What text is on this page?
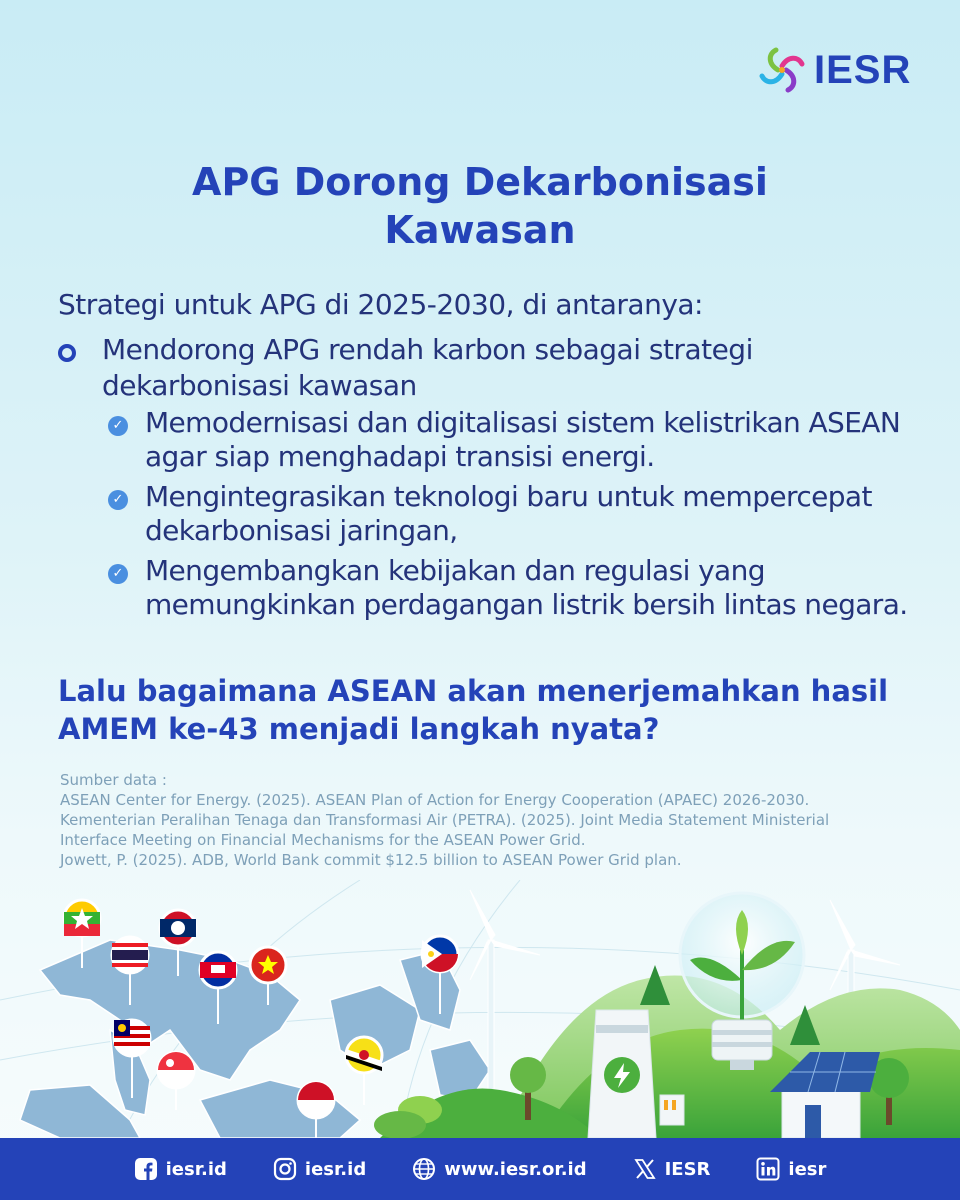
IESR
APG Dorong Dekarbonisasi
Kawasan
Strategi untuk APG di 2025-2030, di antaranya:
Mendorong APG rendah karbon sebagai strategi dekarbonisasi kawasan
✓ Memodernisasi dan digitalisasi sistem kelistrikan ASEAN agar siap menghadapi transisi energi.
✓ Mengintegrasikan teknologi baru untuk mempercepat dekarbonisasi jaringan,
✓ Mengembangkan kebijakan dan regulasi yang memungkinkan perdagangan listrik bersih lintas negara.
Lalu bagaimana ASEAN akan menerjemahkan hasil
AMEM ke-43 menjadi langkah nyata?
Sumber data :
ASEAN Center for Energy. (2025). ASEAN Plan of Action for Energy Cooperation (APAEC) 2026-2030.
Kementerian Peralihan Tenaga dan Transformasi Air (PETRA). (2025). Joint Media Statement Ministerial
Interface Meeting on Financial Mechanisms for the ASEAN Power Grid.
Jowett, P. (2025). ADB, World Bank commit $12.5 billion to ASEAN Power Grid plan.
iesr.id	iesr.id	www.iesr.or.id	IESR	iesr
